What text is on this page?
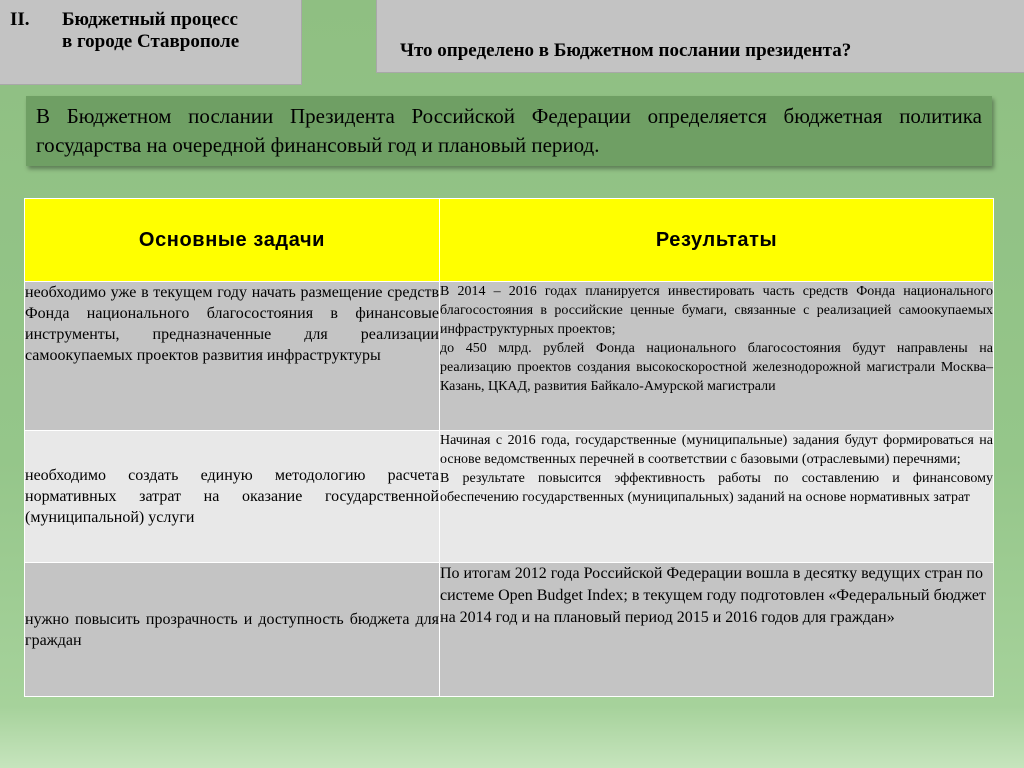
II. Бюджетный процесс
в городе Ставрополе	Что определено в Бюджетном послании президента?

В Бюджетном послании Президента Российской Федерации определяется бюджетная политика государства на очередной финансовый год и плановый период.

Основные задачи	Результаты
необходимо уже в текущем году начать размещение средств Фонда национального благосостояния в финансовые инструменты, предназначенные для реализации самоокупаемых проектов развития инфраструктуры	В 2014 – 2016 годах планируется инвестировать часть средств Фонда национального благосостояния в российские ценные бумаги, связанные с реализацией самоокупаемых инфраструктурных проектов;

до 450 млрд. рублей Фонда национального благосостояния будут направлены на реализацию проектов создания высокоскоростной железнодорожной магистрали Москва–Казань, ЦКАД, развития Байкало-Амурской магистрали

необходимо создать единую методологию расчета нормативных затрат на оказание государственной (муниципальной) услуги	Начиная с 2016 года, государственные (муниципальные) задания будут формироваться на основе ведомственных перечней в соответствии с базовыми (отраслевыми) перечнями;

В результате повысится эффективность работы по составлению и финансовому обеспечению государственных (муниципальных) заданий на основе нормативных затрат

нужно повысить прозрачность и доступность бюджета для граждан	По итогам 2012 года Российской Федерации вошла в десятку ведущих стран по системе Open Budget Index; в текущем году подготовлен «Федеральный бюджет на 2014 год и на плановый период 2015 и 2016 годов для граждан»
